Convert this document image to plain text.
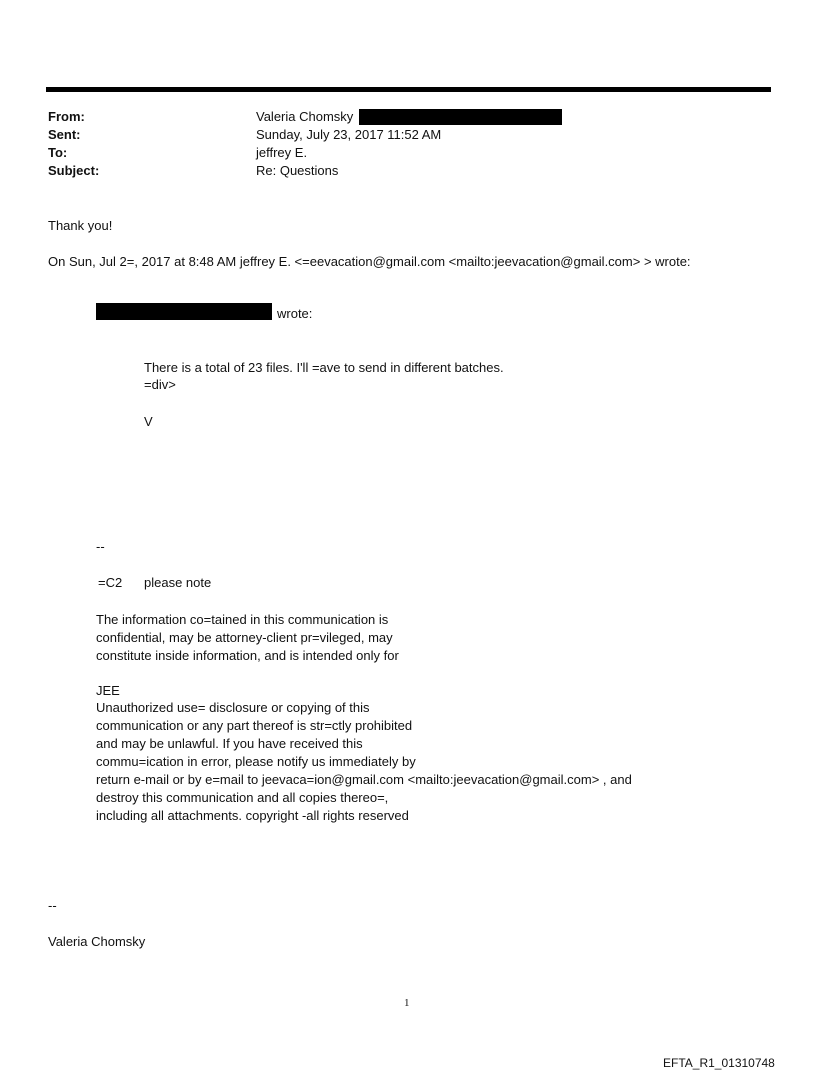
From:
Sent:
To:
Subject:
Valeria Chomsky
Sunday, July 23, 2017 11:52 AM
jeffrey E.
Re: Questions
Thank you!
On Sun, Jul 2=, 2017 at 8:48 AM jeffrey E. <=eevacation@gmail.com <mailto:jeevacation@gmail.com> > wrote:
wrote:
There is a total of 23 files. I'll =ave to send in different batches.
=div>
V
--
=C2 please note
The information co=tained in this communication is
confidential, may be attorney-client pr=vileged, may
constitute inside information, and is intended only for
JEE
Unauthorized use= disclosure or copying of this
communication or any part thereof is str=ctly prohibited
and may be unlawful. If you have received this
commu=ication in error, please notify us immediately by
return e-mail or by e=mail to jeevaca=ion@gmail.com <mailto:jeevacation@gmail.com> , and
destroy this communication and all copies thereo=,
including all attachments. copyright -all rights reserved
--
Valeria Chomsky
1
EFTA_R1_01310748
